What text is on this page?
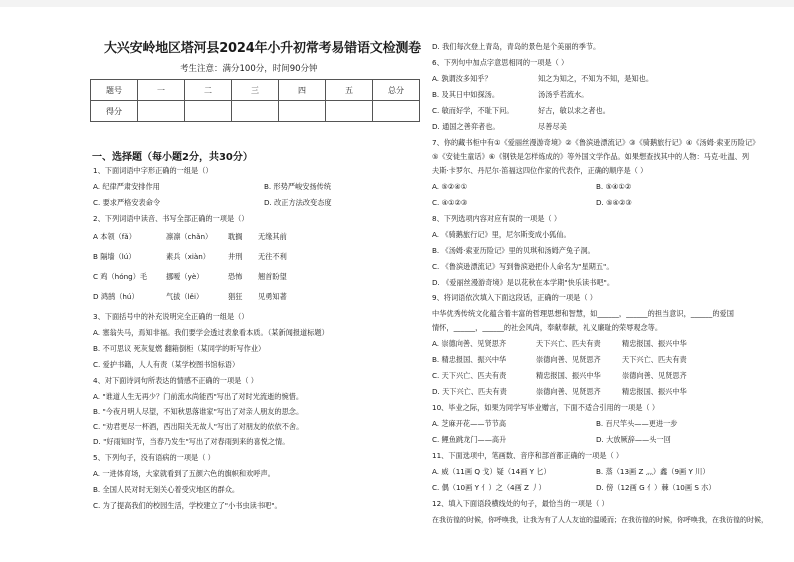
大兴安岭地区塔河县2024年小升初常考易错语文检测卷
考生注意：满分100分，时间90分钟
题号	一	二	三	四	五	总分
得分						
一、选择题（每小题2分，共30分）
1、下面词语中字形正确的一组是（）
A. 纪律严肃安排作用	B. 形势严峻安扬传统
C. 要求严格安表命令	D. 改正方法改变态度
2、下列词语中读音、书写全部正确的一项是（）
A 本领（fǎ）	凛凛（chǎn） 耽搁 无缘其前
B 隔墙（lú）	素兵（xiàn）	井刑 无往不利
C 鸡（hóng）毛	挪嗳（yè）	恐怖 翘首盼望
D 鸿鹄（hú）	气拔（lěi）	猖狂 见勇知著
3、下面括号中的补充说明完全正确的一组是（）
A. 塞翁失马，焉知非福。我们要学会透过表象看本质。（某新闻报道标题）
B. 不可思议 死灰复燃 翻箱倒柜（某同学的听写作业）
C. 爱护书籍，人人有责（某学校图书馆标语）
4、对下面诗词句所表达的情感不正确的一项是（ ）
A. "谁道人生无再少？门前流水尚能西"写出了对时光流逝的惋惜。
B. "今夜月明人尽望，不知秋思落谁家"写出了对亲人朋友的思念。
C. "劝君更尽一杯酒，西出阳关无故人"写出了对朋友的依依不舍。
D. "好雨知时节，当春乃发生"写出了对春雨到来的喜悦之情。
5、下列句子，没有语病的一项是（ ）
A. 一进体育场，大家就看到了五颜六色的旗帜和欢呼声。
B. 全国人民对时无刻关心着受灾地区的群众。
C. 为了提高我们的校园生活，学校建立了"小书虫读书吧"。
D. 我们每次登上青岛，青岛的景色是个美丽的季节。
6、下列句中加点字意思相同的一项是（ ）
A. 孰谓汝多知乎？	知之为知之，不知为不知，是知也。
B. 及其日中如探汤。	汤汤乎若流水。
C. 敏而好学，不耻下问。	好古，敏以求之者也。
D. 通国之善弈者也。	尽善尽美
7、你的藏书柜中有①《爱丽丝漫游奇境》②《鲁滨逊漂流记》③《骑鹅旅行记》④《汤姆·索亚历险记》
⑤《安徒生童话》⑥《钢铁是怎样炼成的》等外国文学作品。如果想查找其中的人物：马克·吐温、列
夫斯·卡罗尔、丹尼尔·笛福这四位作家的代表作，正确的顺序是（ ）
A. ⑤②④①	B. ⑤④①②
C. ④①②③	D. ⑤④②③
8、下列选项内容对应有误的一项是（ ）
A. 《骑鹅旅行记》里，尼尔斯变成小狐仙。
B. 《汤姆·索亚历险记》里的贝琪和汤姆产兔子洞。
C. 《鲁滨逊漂流记》写到鲁滨逊把仆人命名为"星期五"。
D. 《爱丽丝漫游奇境》是以花秋在本学期"快乐读书吧"。
9、将词语依次填入下面这段话，正确的一项是（ ）
中华优秀传统文化蕴含着丰富的哲理思想和智慧，如______，______的担当意识，______的爱国
情怀，______，______的社会风尚，奉献奉献，礼义廉耻的荣辱观念等。
A. 崇德向善、见贤思齐	天下兴亡、匹夫有责	精忠报国、振兴中华
B. 精忠报国、振兴中华	崇德向善、见贤思齐	天下兴亡、匹夫有责
C. 天下兴亡、匹夫有责	精忠报国、振兴中华	崇德向善、见贤思齐
D. 天下兴亡、匹夫有责	崇德向善、见贤思齐	精忠报国、振兴中华
10、毕业之际，如果为同学写毕业赠言，下面不适合引用的一项是（ ）
A. 芝麻开花——节节高	B. 百尺竿头——更进一步
C. 鲤鱼跳龙门——高升	D. 大放厥辞——头一回
11、下面选项中，笔画数、音序和部首都正确的一项是（ ）
A. 威（11画 Q 戈）疑（14画 Y 匕）	B. 蒸（13画 Z 灬）鑫（9画 Y 川）
C. 偶（10画 Y 亻）之（4画 Z 丿）	D. 傍（12画 G 亻）棘（10画 S 朩）
12、填入下面语段横线处的句子，最恰当的一项是（ ）
在我彷徨的时候，你呼唤我，让我为有了人人友谊的温暖而；在我彷徨的时候，你呼唤我，在我彷徨的时候，
